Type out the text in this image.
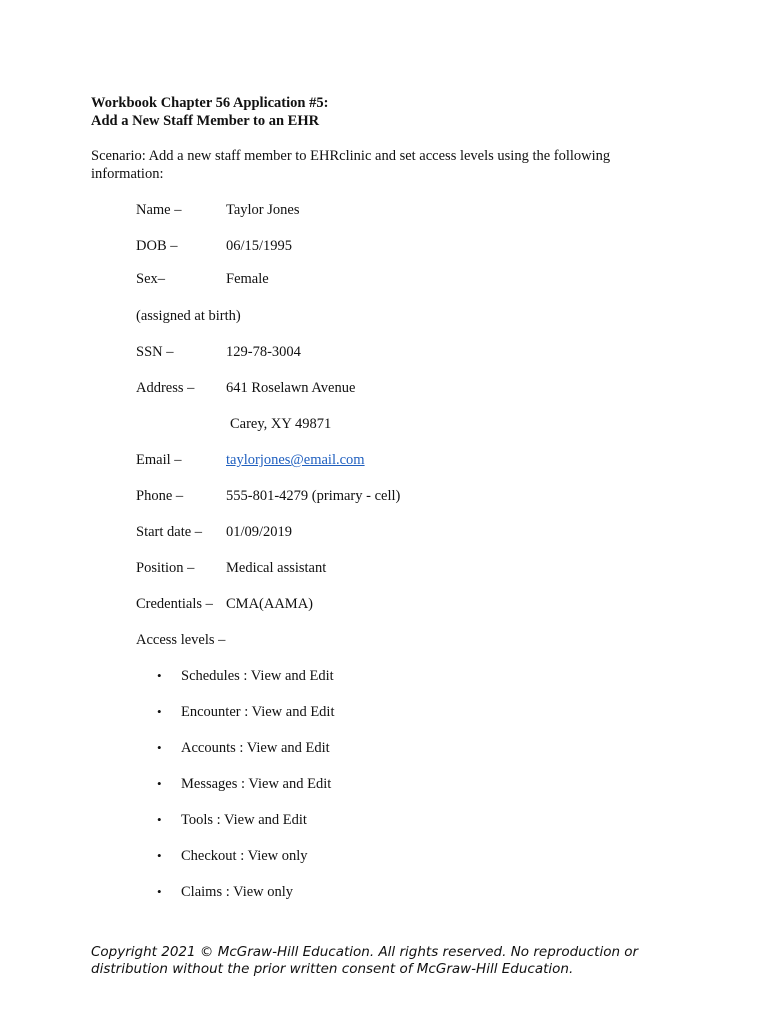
Workbook Chapter 56 Application #5:
Add a New Staff Member to an EHR
Scenario: Add a new staff member to EHRclinic and set access levels using the following information:
Name –	Taylor Jones
DOB –	06/15/1995
Sex–	Female
(assigned at birth)
SSN –	129-78-3004
Address – 641 Roselawn Avenue
Carey, XY 49871
Email –	taylorjones@email.com
Phone –	555-801-4279 (primary - cell)
Start date – 01/09/2019
Position – Medical assistant
Credentials – CMA(AAMA)
Access levels –
• Schedules : View and Edit
• Encounter : View and Edit
• Accounts : View and Edit
• Messages : View and Edit
• Tools : View and Edit
• Checkout : View only
• Claims : View only
Copyright 2021 © McGraw-Hill Education. All rights reserved. No reproduction or distribution without the prior written consent of McGraw-Hill Education.
